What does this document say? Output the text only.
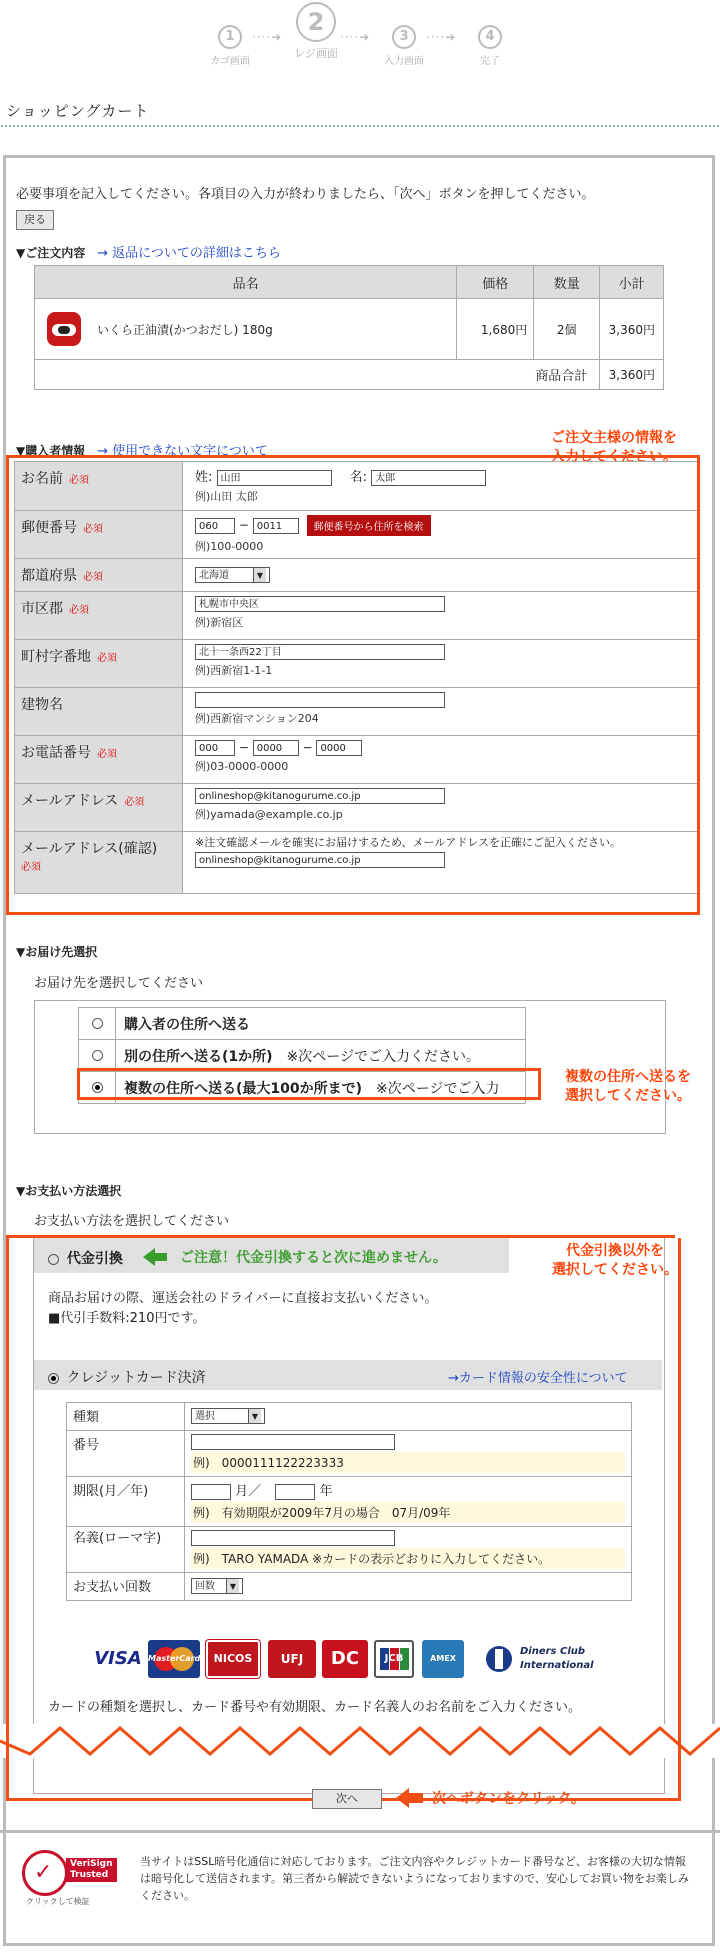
1
カゴ画面
····➜
2
レジ画面
····➜	3
入力画面
····➜	4
完了
ショッピングカート
必要事項を記入してください。各項目の入力が終わりましたら、「次へ」ボタンを押してください。
戻る
▼ご注文内容 → 返品についての詳細はこちら
品名		価格	数量	小計

	いくら正油漬(かつおだし) 180g	1,680円	2個	3,360円
商品合計				3,360円
▼購入者情報 → 使用できない文字について
ご注文主様の情報を
入力してください。
お名前 必須	姓: 山田 名: 太郎
例)山田 太郎

郵便番号 必須	060 − 0011 郵便番号から住所を検索
例)100-0000

都道府県 必須	北海道 ▼

市区郡 必須	札幌市中央区
例)新宿区

町村字番地 必須	北十一条西22丁目
例)西新宿1-1-1

建物名	例)西新宿マンション204

お電話番号 必須	000 − 0000 − 0000
例)03-0000-0000

メールアドレス 必須	onlineshop@kitanogurume.co.jp
例)yamada@example.co.jp

メールアドレス(確認)
必須	※注文確認メールを確実にお届けするため、メールアドレスを正確にご記入ください。
onlineshop@kitanogurume.co.jp
▼お届け先選択
お届け先を選択してください
	購入者の住所へ送る
	別の住所へ送る(1か所)　 ※次ページでご入力ください。
	複数の住所へ送る(最大100か所まで)　 ※次ページでご入力
複数の住所へ送るを
選択してください。
▼お支払い方法選択
お支払い方法を選択してください
代金引換	ご注意！代金引換すると次に進めません。	代金引換以外を
選択してください。
商品お届けの際、運送会社のドライバーに直接お支払いください。
■代引手数料:210円です。
クレジットカード決済	→カード情報の安全性について
種類	選択 ▼

番号	例)　0000111122223333

期限(月／年)	月／ 年
例)　有効期限が2009年7月の場合　07月/09年

名義(ローマ字)	例)　TARO YAMADA ※カードの表示どおりに入力してください。

お支払い回数	回数 ▼
VISA MasterCard	NICOS	UFJ	DC	JCB	AMEX
Diners Club International
カードの種類を選択し、カード番号や有効期限、カード名義人のお名前をご入力ください。
次へ	次へボタンをクリック。
✓ VeriSign
Trusted
クリックして検証
当サイトはSSL暗号化通信に対応しております。ご注文内容やクレジットカード番号など、お客様の大切な情報は暗号化して送信されます。第三者から解読できないようになっておりますので、安心してお買い物をお楽しみください。
